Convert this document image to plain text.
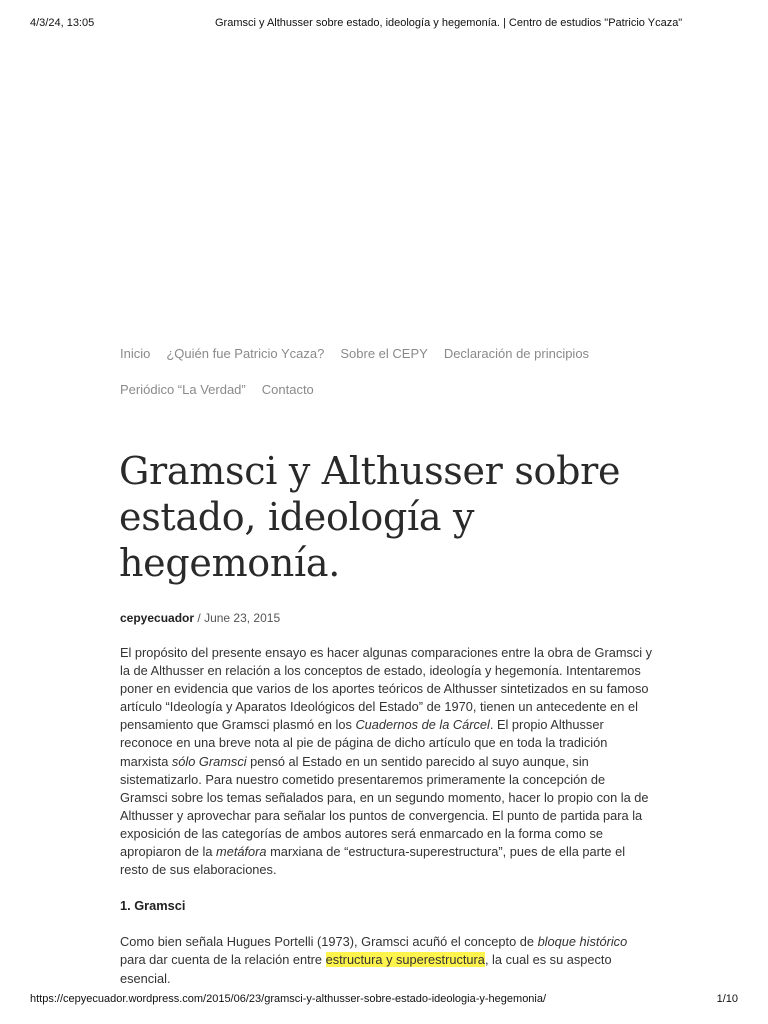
4/3/24, 13:05	Gramsci y Althusser sobre estado, ideología y hegemonía. | Centro de estudios "Patricio Ycaza"
Inicio ¿Quién fue Patricio Ycaza? Sobre el CEPY Declaración de principios
Periódico “La Verdad” Contacto
Gramsci y Althusser sobre estado, ideología y hegemonía.
cepyecuador / June 23, 2015

El propósito del presente ensayo es hacer algunas comparaciones entre la obra de Gramsci y la de Althusser en relación a los conceptos de estado, ideología y hegemonía. Intentaremos poner en evidencia que varios de los aportes teóricos de Althusser sintetizados en su famoso artículo “Ideología y Aparatos Ideológicos del Estado” de 1970, tienen un antecedente en el pensamiento que Gramsci plasmó en los Cuadernos de la Cárcel. El propio Althusser reconoce en una breve nota al pie de página de dicho artículo que en toda la tradición marxista sólo Gramsci pensó al Estado en un sentido parecido al suyo aunque, sin sistematizarlo. Para nuestro cometido presentaremos primeramente la concepción de Gramsci sobre los temas señalados para, en un segundo momento, hacer lo propio con la de Althusser y aprovechar para señalar los puntos de convergencia. El punto de partida para la exposición de las categorías de ambos autores será enmarcado en la forma como se apropiaron de la metáfora marxiana de “estructura-superestructura”, pues de ella parte el resto de sus elaboraciones.

1. Gramsci

Como bien señala Hugues Portelli (1973), Gramsci acuñó el concepto de bloque histórico para dar cuenta de la relación entre estructura y superestructura, la cual es su aspecto esencial.

https://cepyecuador.wordpress.com/2015/06/23/gramsci-y-althusser-sobre-estado-ideologia-y-hegemonia/	1/10
